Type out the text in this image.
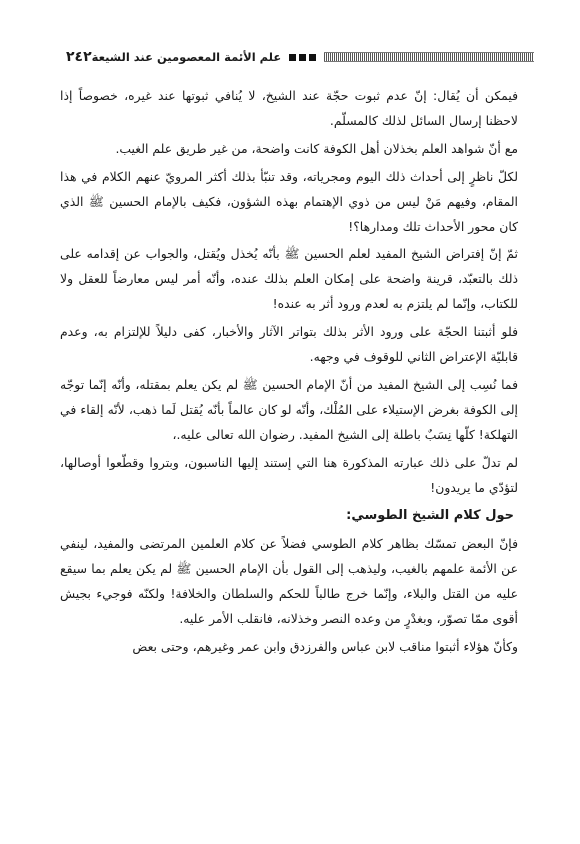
٢٤٢ علم الأئمة المعصومين عند الشيعة

فيمكن أن يُقال: إنّ عدم ثبوت حجّة عند الشيخ، لا يُنافي ثبوتها عند غيره، خصوصاً إذا لاحظنا إرسال السائل لذلك كالمسلّم.

مع أنّ شواهد العلم بخذلان أهل الكوفة كانت واضحة، من غير طريق علم الغيب.

لكلّ ناظرٍ إلى أحداث ذلك اليوم ومجرياته، وقد تنبّأ بذلك أكثر المرويّ عنهم الكلام في هذا المقام، وفيهم مَنْ ليس من ذوي الإهتمام بهذه الشؤون، فكيف بالإمام الحسين ﷺ الذي كان محور الأحداث تلك ومدارها؟!

ثمّ إنّ إفتراض الشيخ المفيد لعلم الحسين ﷺ بأنّه يُخذل ويُقتل، والجواب عن إقدامه على ذلك بالتعبّد، قرينة واضحة على إمكان العلم بذلك عنده، وأنّه أمر ليس معارضاً للعقل ولا للكتاب، وإنّما لم يلتزم به لعدم ورود أثر به عنده!

فلو أثبتنا الحجّة على ورود الأثر بذلك بتواتر الآثار والأخبار، كفى دليلاً للإلتزام به، وعدم قابليّة الإعتراض الثاني للوقوف في وجهه.

فما نُسِب إلى الشيخ المفيد من أنّ الإمام الحسين ﷺ لم يكن يعلم بمقتله، وأنّه إنّما توجّه إلى الكوفة بغرض الإستيلاء على المُلْك، وأنّه لو كان عالماً بأنّه يُقتل لَما ذهب، لأنّه إلقاء في التهلكة! كلّها نِسَبٌ باطلة إلى الشيخ المفيد. رضوان الله تعالى عليه.،

لم تدلّ على ذلك عبارته المذكورة هنا التي إستند إليها الناسبون، وبتروا وقطّعوا أوصالها، لتؤدّي ما يريدون!

حول كلام الشيخ الطوسي:

فإنّ البعض تمسّك بظاهر كلام الطوسي فضلاً عن كلام العلمين المرتضى والمفيد، لينفي عن الأئمة علمهم بالغيب، وليذهب إلى القول بأن الإمام الحسين ﷺ لم يكن يعلم بما سيقع عليه من القتل والبلاء، وإنّما خرج طالباً للحكم والسلطان والخلافة! ولكنّه فوجيء بجيش أقوى ممّا تصوّر، وبغدْرٍ من وعده النصر وخذلانه، فانقلب الأمر عليه.

وكأنّ هؤلاء أثبتوا مناقب لابن عباس والفرزدق وابن عمر وغيرهم، وحتى بعض
